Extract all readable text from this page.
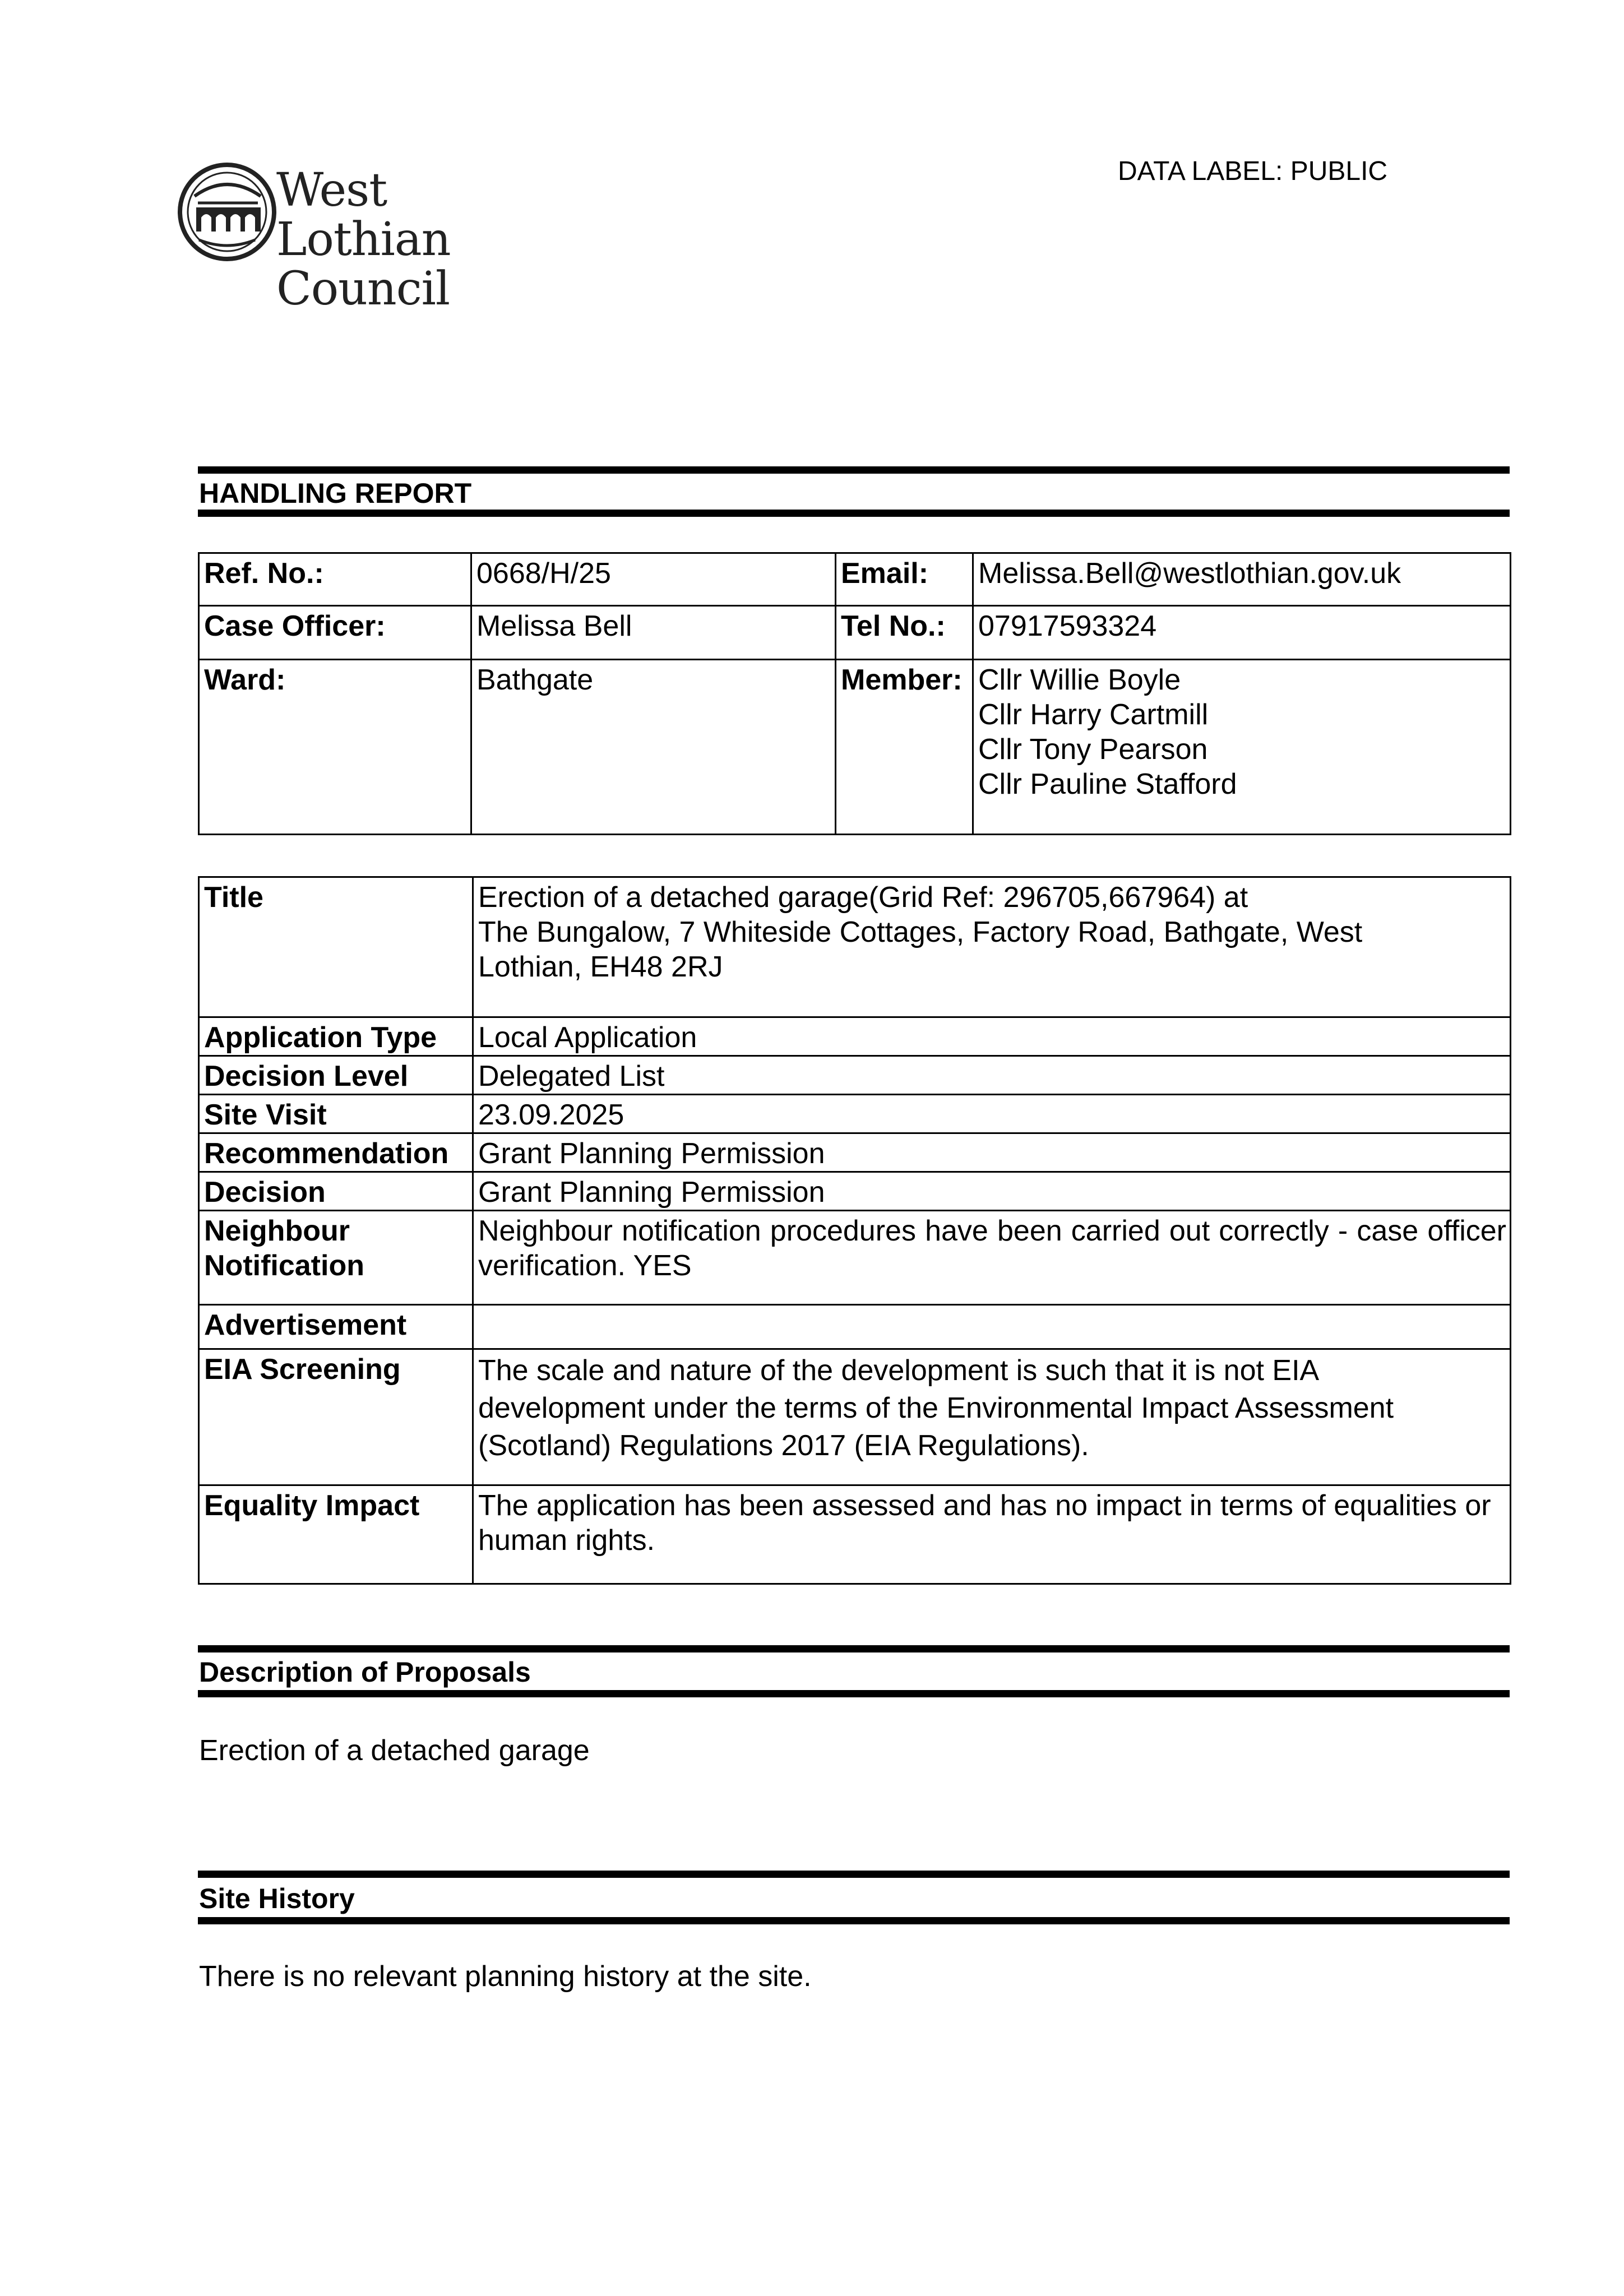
West Lothian
Council
DATA LABEL: PUBLIC
HANDLING REPORT
Ref. No.:	0668/H/25	Email:	Melissa.Bell@westlothian.gov.uk
Case Officer:	Melissa Bell	Tel No.:	07917593324
Ward:	Bathgate	Member:	Cllr Willie Boyle
Cllr Harry Cartmill
Cllr Tony Pearson
Cllr Pauline Stafford
Title	Erection of a detached garage(Grid Ref: 296705,667964) at
The Bungalow, 7 Whiteside Cottages, Factory Road, Bathgate, West
Lothian, EH48 2RJ

Application Type	Local Application
Decision Level	Delegated List
Site Visit	23.09.2025
Recommendation	Grant Planning Permission
Decision	Grant Planning Permission

Neighbour
Notification	Neighbour notification procedures have been carried out correctly - case officer verification. YES
Advertisement	
EIA Screening	The scale and nature of the development is such that it is not EIA development under the terms of the Environmental Impact Assessment (Scotland) Regulations 2017 (EIA Regulations).
Equality Impact	The application has been assessed and has no impact in terms of equalities or human rights.
Description of Proposals
Erection of a detached garage
Site History
There is no relevant planning history at the site.
